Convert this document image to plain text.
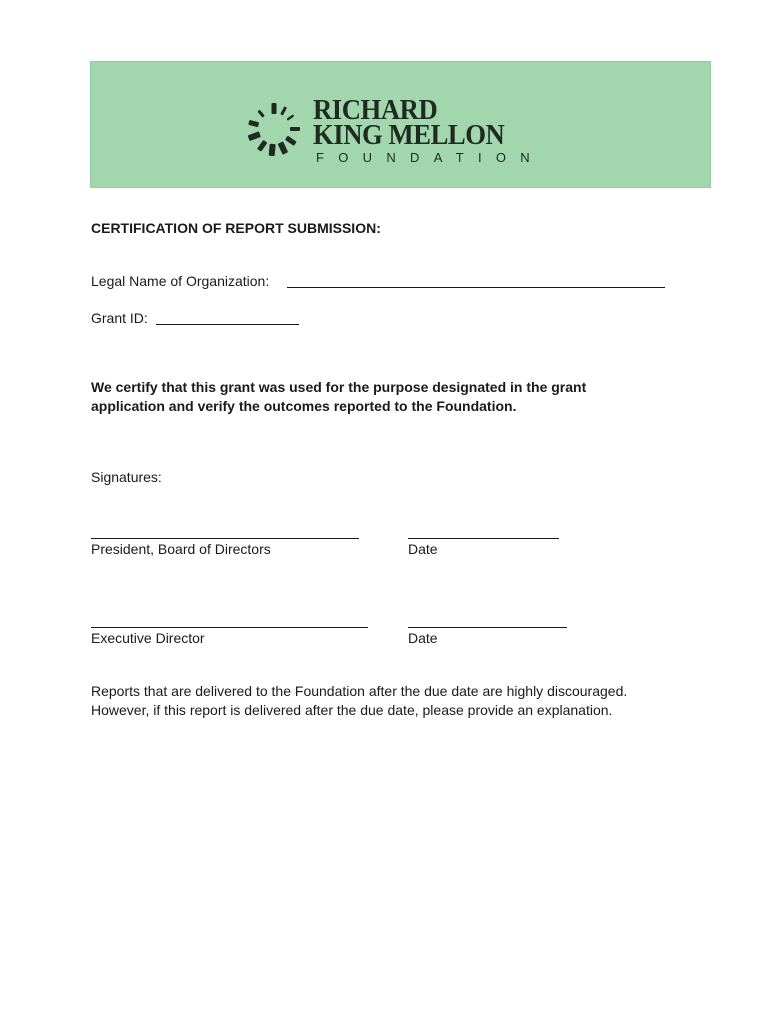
RICHARD
KING MELLON
FOUNDATION
CERTIFICATION OF REPORT SUBMISSION:
Legal Name of Organization:
Grant ID:
We certify that this grant was used for the purpose designated in the grant
application and verify the outcomes reported to the Foundation.
Signatures:
President, Board of Directors	Date
Executive Director	Date
Reports that are delivered to the Foundation after the due date are highly discouraged.
However, if this report is delivered after the due date, please provide an explanation.
